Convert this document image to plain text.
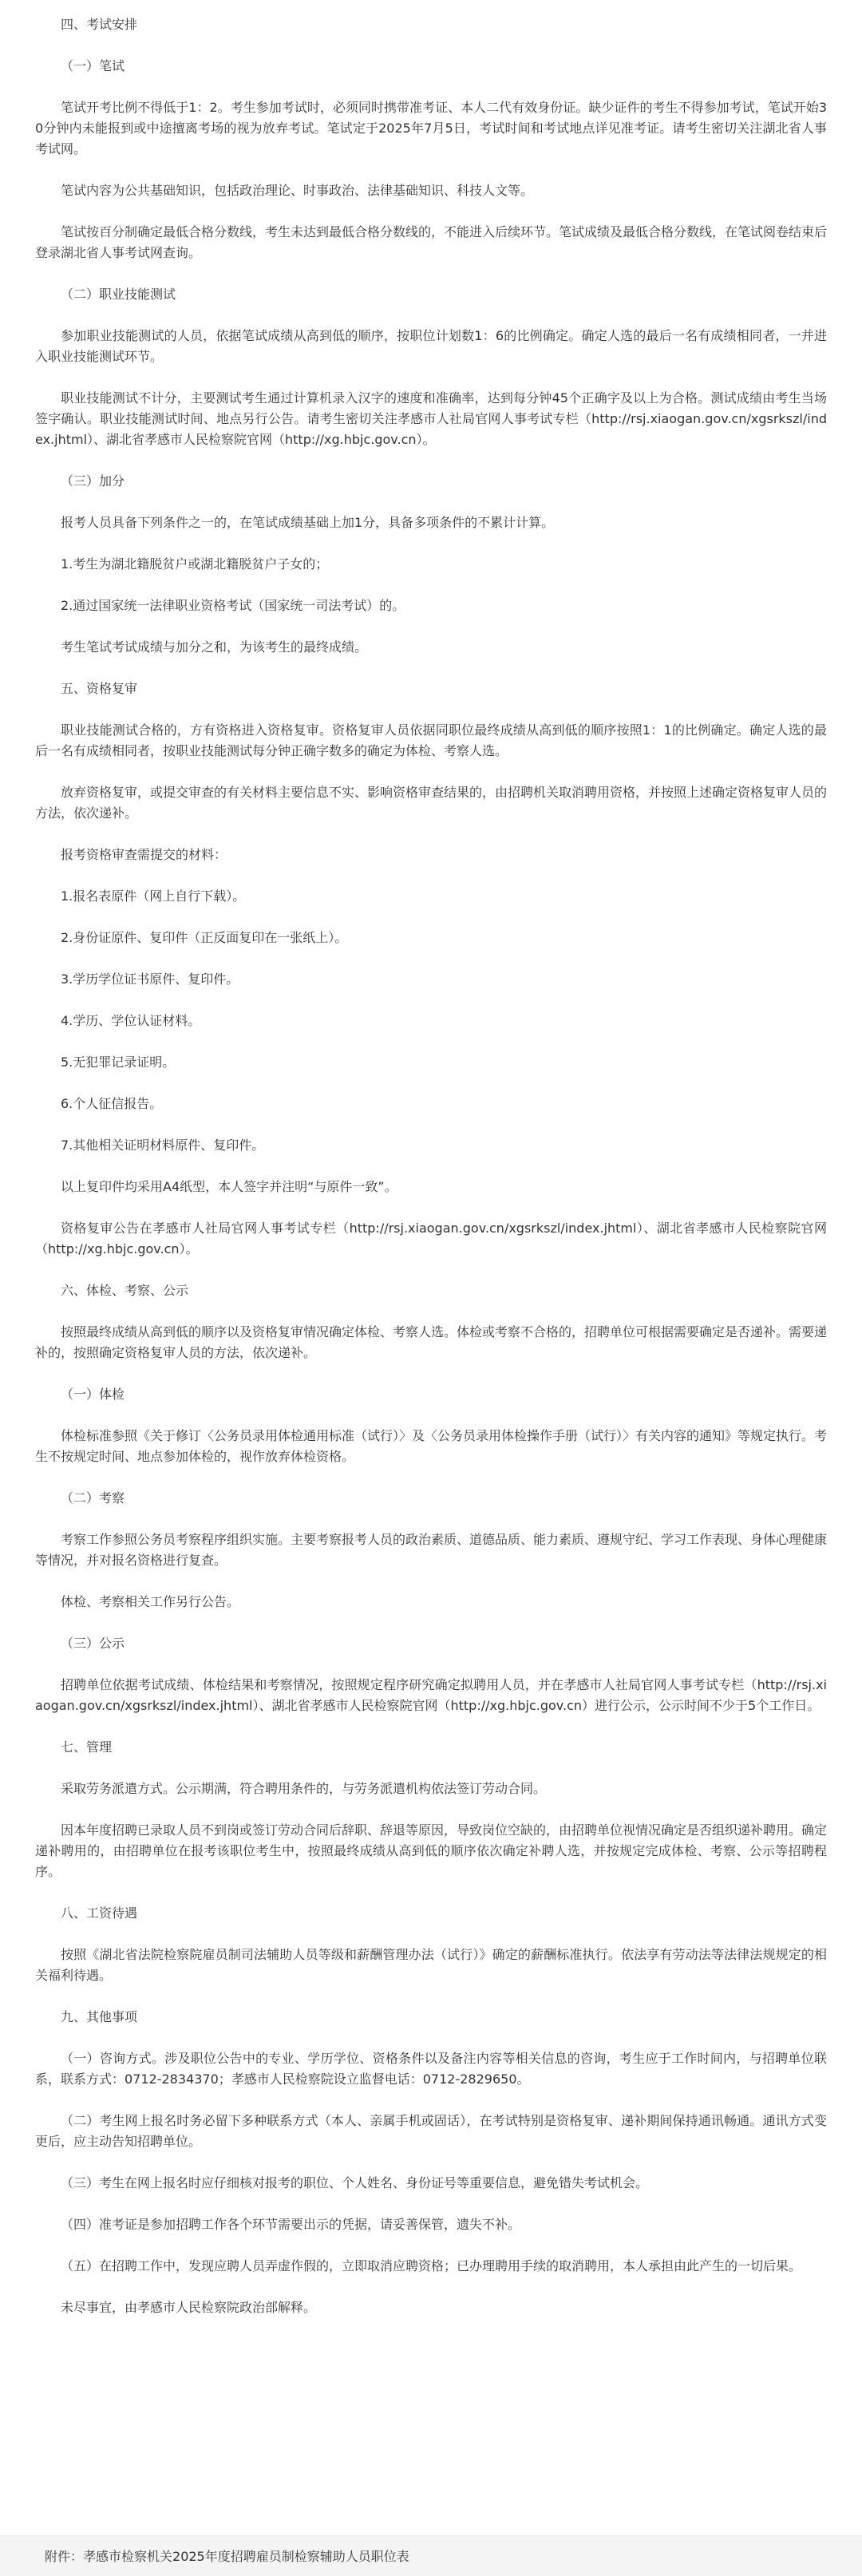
四、考试安排

（一）笔试

笔试开考比例不得低于1：2。考生参加考试时，必须同时携带准考证、本人二代有效身份证。缺少证件的考生不得参加考试，笔试开始30分钟内未能报到或中途擅离考场的视为放弃考试。笔试定于2025年7月5日，考试时间和考试地点详见准考证。请考生密切关注湖北省人事考试网。

笔试内容为公共基础知识，包括政治理论、时事政治、法律基础知识、科技人文等。

笔试按百分制确定最低合格分数线，考生未达到最低合格分数线的，不能进入后续环节。笔试成绩及最低合格分数线，在笔试阅卷结束后登录湖北省人事考试网查询。

（二）职业技能测试

参加职业技能测试的人员，依据笔试成绩从高到低的顺序，按职位计划数1：6的比例确定。确定人选的最后一名有成绩相同者，一并进入职业技能测试环节。

职业技能测试不计分，主要测试考生通过计算机录入汉字的速度和准确率，达到每分钟45个正确字及以上为合格。测试成绩由考生当场签字确认。职业技能测试时间、地点另行公告。请考生密切关注孝感市人社局官网人事考试专栏（http://rsj.xiaogan.gov.cn/xgsrkszl/index.jhtml）、湖北省孝感市人民检察院官网（http://xg.hbjc.gov.cn）。

（三）加分

报考人员具备下列条件之一的，在笔试成绩基础上加1分，具备多项条件的不累计计算。

1.考生为湖北籍脱贫户或湖北籍脱贫户子女的；

2.通过国家统一法律职业资格考试（国家统一司法考试）的。

考生笔试考试成绩与加分之和，为该考生的最终成绩。

五、资格复审

职业技能测试合格的，方有资格进入资格复审。资格复审人员依据同职位最终成绩从高到低的顺序按照1：1的比例确定。确定人选的最后一名有成绩相同者，按职业技能测试每分钟正确字数多的确定为体检、考察人选。

放弃资格复审，或提交审查的有关材料主要信息不实、影响资格审查结果的，由招聘机关取消聘用资格，并按照上述确定资格复审人员的方法，依次递补。

报考资格审查需提交的材料：

1.报名表原件（网上自行下载）。

2.身份证原件、复印件（正反面复印在一张纸上）。

3.学历学位证书原件、复印件。

4.学历、学位认证材料。

5.无犯罪记录证明。

6.个人征信报告。

7.其他相关证明材料原件、复印件。

以上复印件均采用A4纸型，本人签字并注明“与原件一致”。

资格复审公告在孝感市人社局官网人事考试专栏（http://rsj.xiaogan.gov.cn/xgsrkszl/index.jhtml）、湖北省孝感市人民检察院官网（http://xg.hbjc.gov.cn）。

六、体检、考察、公示

按照最终成绩从高到低的顺序以及资格复审情况确定体检、考察人选。体检或考察不合格的，招聘单位可根据需要确定是否递补。需要递补的，按照确定资格复审人员的方法，依次递补。

（一）体检

体检标准参照《关于修订〈公务员录用体检通用标准（试行）〉及〈公务员录用体检操作手册（试行）〉有关内容的通知》等规定执行。考生不按规定时间、地点参加体检的，视作放弃体检资格。

（二）考察

考察工作参照公务员考察程序组织实施。主要考察报考人员的政治素质、道德品质、能力素质、遵规守纪、学习工作表现、身体心理健康等情况，并对报名资格进行复查。

体检、考察相关工作另行公告。

（三）公示

招聘单位依据考试成绩、体检结果和考察情况，按照规定程序研究确定拟聘用人员，并在孝感市人社局官网人事考试专栏（http://rsj.xiaogan.gov.cn/xgsrkszl/index.jhtml）、湖北省孝感市人民检察院官网（http://xg.hbjc.gov.cn）进行公示，公示时间不少于5个工作日。

七、管理

采取劳务派遣方式。公示期满，符合聘用条件的，与劳务派遣机构依法签订劳动合同。

因本年度招聘已录取人员不到岗或签订劳动合同后辞职、辞退等原因，导致岗位空缺的，由招聘单位视情况确定是否组织递补聘用。确定递补聘用的，由招聘单位在报考该职位考生中，按照最终成绩从高到低的顺序依次确定补聘人选，并按规定完成体检、考察、公示等招聘程序。

八、工资待遇

按照《湖北省法院检察院雇员制司法辅助人员等级和薪酬管理办法（试行）》确定的薪酬标准执行。依法享有劳动法等法律法规规定的相关福利待遇。

九、其他事项

（一）咨询方式。涉及职位公告中的专业、学历学位、资格条件以及备注内容等相关信息的咨询，考生应于工作时间内，与招聘单位联系，联系方式：0712-2834370；孝感市人民检察院设立监督电话：0712-2829650。

（二）考生网上报名时务必留下多种联系方式（本人、亲属手机或固话），在考试特别是资格复审、递补期间保持通讯畅通。通讯方式变更后，应主动告知招聘单位。

（三）考生在网上报名时应仔细核对报考的职位、个人姓名、身份证号等重要信息，避免错失考试机会。

（四）准考证是参加招聘工作各个环节需要出示的凭据，请妥善保管，遗失不补。

（五）在招聘工作中，发现应聘人员弄虚作假的，立即取消应聘资格；已办理聘用手续的取消聘用，本人承担由此产生的一切后果。

未尽事宜，由孝感市人民检察院政治部解释。

附件：孝感市检察机关2025年度招聘雇员制检察辅助人员职位表
